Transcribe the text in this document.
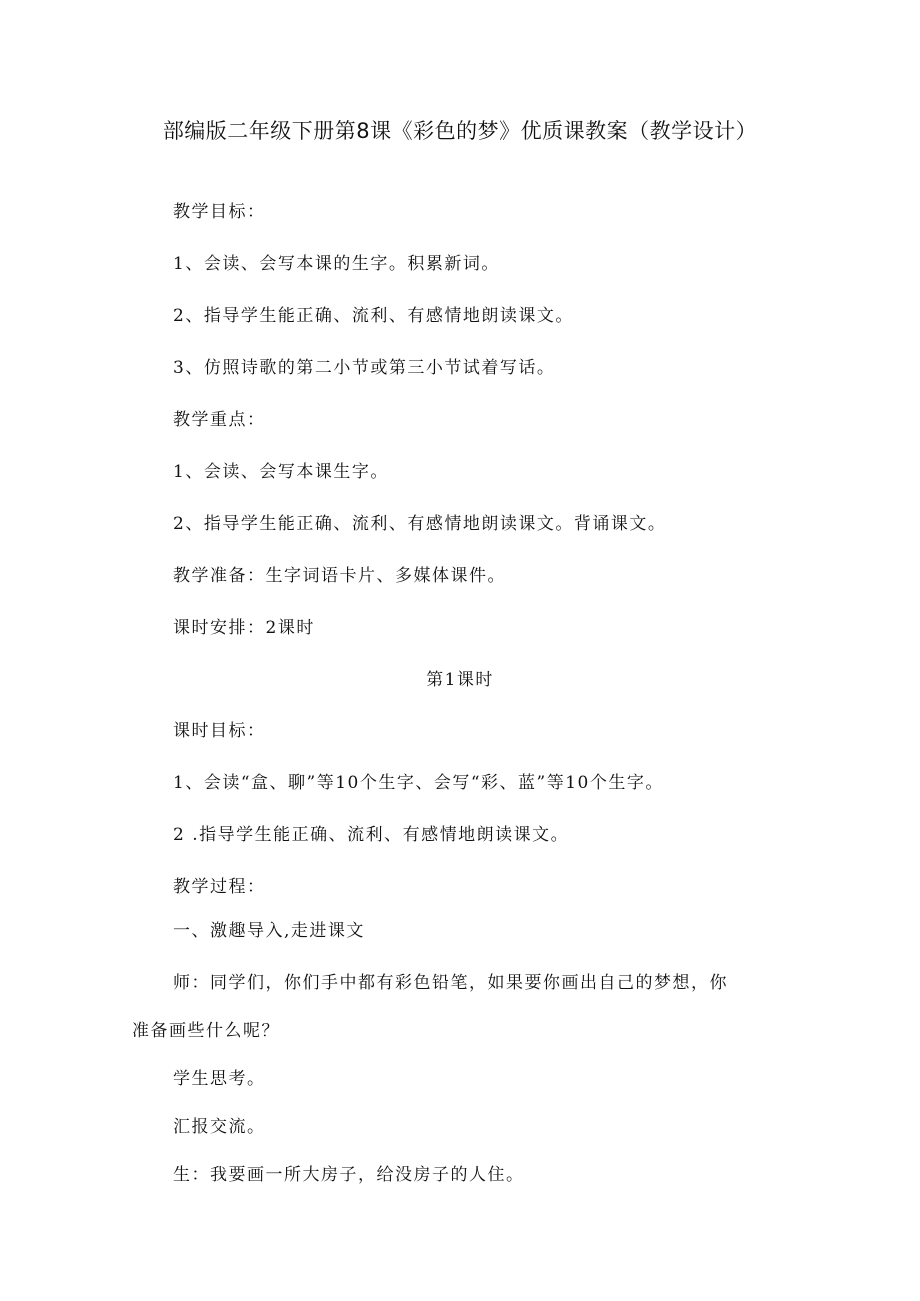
部编版二年级下册第8课《彩色的梦》优质课教案（教学设计）
教学目标：
1、会读、会写本课的生字。积累新词。
2、指导学生能正确、流利、有感情地朗读课文。
3、仿照诗歌的第二小节或第三小节试着写话。
教学重点：
1、会读、会写本课生字。
2、指导学生能正确、流利、有感情地朗读课文。背诵课文。
教学准备：生字词语卡片、多媒体课件。
课时安排：2课时
第1课时
课时目标：
1、会读“盒、聊”等10个生字、会写“彩、蓝”等10个生字。
2 .指导学生能正确、流利、有感情地朗读课文。
教学过程：
一、激趣导入,走进课文
师：同学们，你们手中都有彩色铅笔，如果要你画出自己的梦想，你
准备画些什么呢？
学生思考。
汇报交流。
生：我要画一所大房子，给没房子的人住。
